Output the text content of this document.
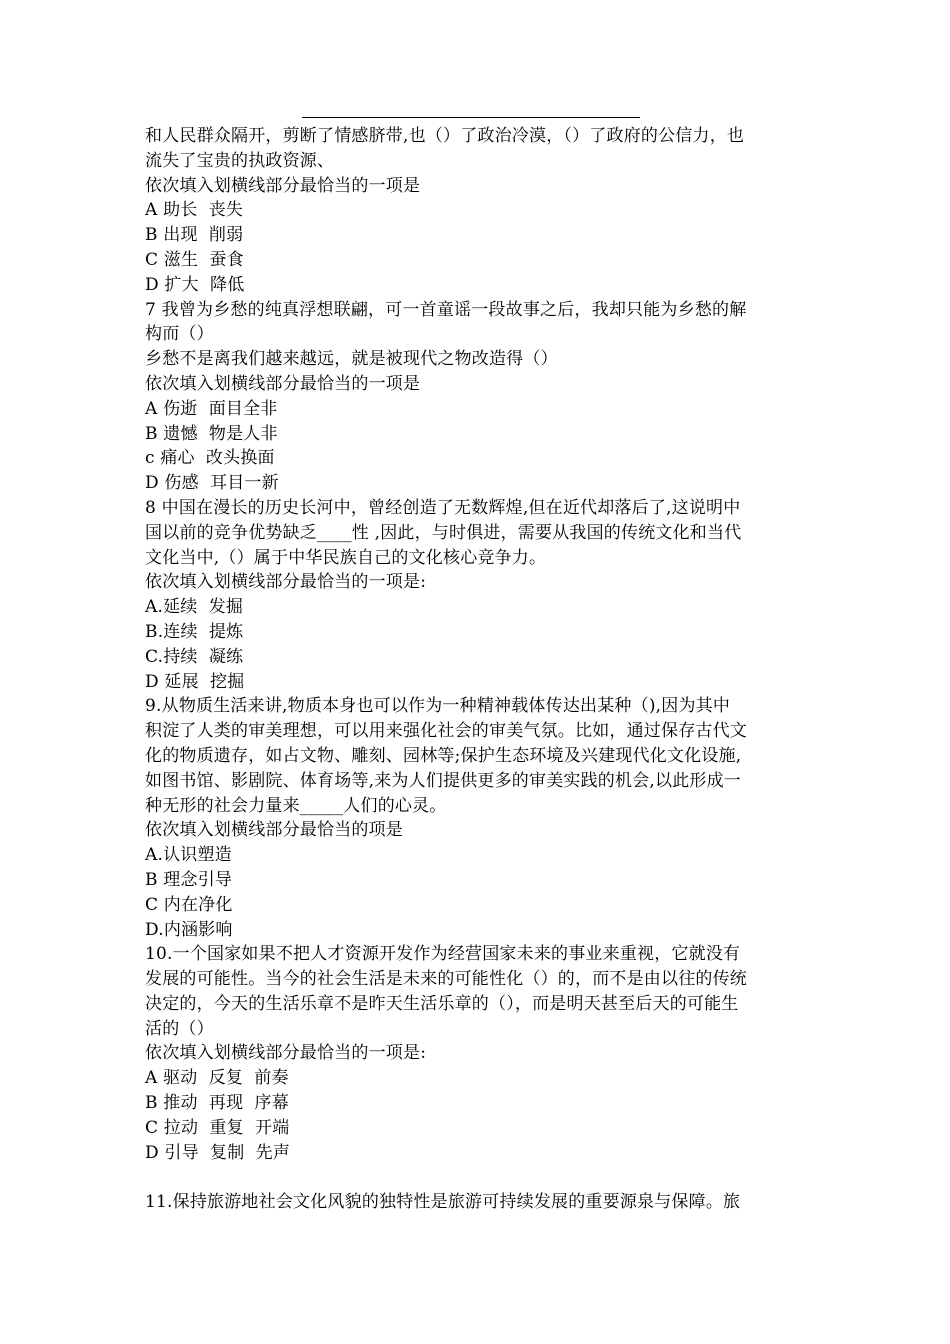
和人民群众隔开，剪断了情感脐带,也（）了政治冷漠，（）了政府的公信力，也
流失了宝贵的执政资源、
依次填入划横线部分最恰当的一项是
A 助长  丧失
B 出现  削弱
C 滋生  蚕食
D 扩大  降低
7 我曾为乡愁的纯真浮想联翩，可一首童谣一段故事之后，我却只能为乡愁的解
构而（）
乡愁不是离我们越来越远，就是被现代之物改造得（）
依次填入划横线部分最恰当的一项是
A 伤逝  面目全非
B 遗憾  物是人非
c 痛心  改头换面
D 伤感  耳目一新
8 中国在漫长的历史长河中，曾经创造了无数辉煌,但在近代却落后了,这说明中
国以前的竞争优势缺乏____性 ,因此，与时俱进，需要从我国的传统文化和当代
文化当中,（）属于中华民族自己的文化核心竞争力。
依次填入划横线部分最恰当的一项是:
A.延续  发掘
B.连续  提炼
C.持续  凝练
D 延展  挖掘
9.从物质生活来讲,物质本身也可以作为一种精神载体传达出某种（),因为其中
积淀了人类的审美理想，可以用来强化社会的审美气氛。比如，通过保存古代文
化的物质遗存，如占文物、雕刻、园林等;保护生态环境及兴建现代化文化设施,
如图书馆、影剧院、体育场等,来为人们提供更多的审美实践的机会,以此形成一
种无形的社会力量来_____人们的心灵。
依次填入划横线部分最恰当的项是
A.认识塑造
B 理念引导
C 内在净化
D.内涵影响
10.一个国家如果不把人才资源开发作为经营国家未来的事业来重视，它就没有
发展的可能性。当今的社会生活是未来的可能性化（）的，而不是由以往的传统
决定的，今天的生活乐章不是昨天生活乐章的（），而是明天甚至后天的可能生
活的（）
依次填入划横线部分最恰当的一项是:
A 驱动  反复  前奏
B 推动  再现  序幕
C 拉动  重复  开端
D 引导  复制  先声
11.保持旅游地社会文化风貌的独特性是旅游可持续发展的重要源泉与保障。旅
